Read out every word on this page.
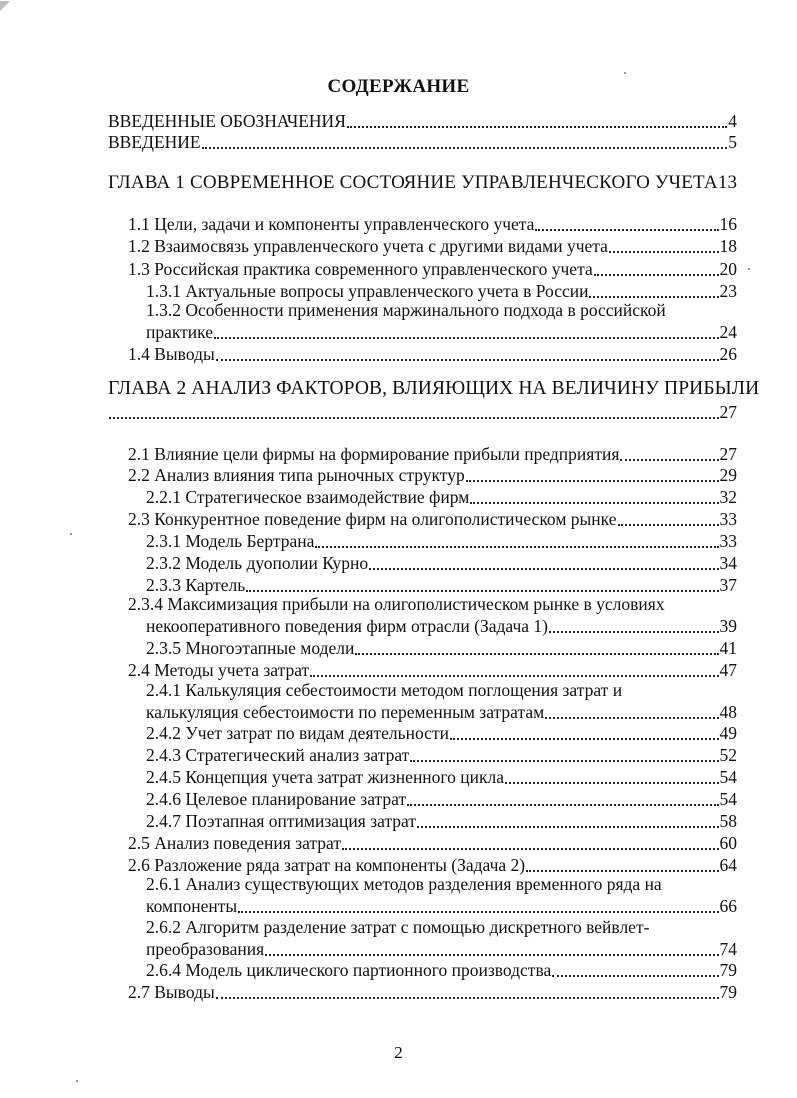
СОДЕРЖАНИЕ
ВВЕДЕННЫЕ ОБОЗНАЧЕНИЯ	4
ВВЕДЕНИЕ	5
ГЛАВА 1 СОВРЕМЕННОЕ СОСТОЯНИЕ УПРАВЛЕНЧЕСКОГО УЧЕТА 13
1.1 Цели, задачи и компоненты управленческого учета	16
1.2 Взаимосвязь управленческого учета с другими видами учета	18
1.3 Российская практика современного управленческого учета	20
1.3.1 Актуальные вопросы управленческого учета в России	23
1.3.2 Особенности применения маржинального подхода в российской
практике	24
1.4 Выводы	26
ГЛАВА 2 АНАЛИЗ ФАКТОРОВ, ВЛИЯЮЩИХ НА ВЕЛИЧИНУ ПРИБЫЛИ
27
2.1 Влияние цели фирмы на формирование прибыли предприятия	27
2.2 Анализ влияния типа рыночных структур	29
2.2.1 Стратегическое взаимодействие фирм	32
2.3 Конкурентное поведение фирм на олигополистическом рынке	33
2.3.1 Модель Бертрана	33
2.3.2 Модель дуополии Курно	34
2.3.3 Картель	37
2.3.4 Максимизация прибыли на олигополистическом рынке в условиях
некооперативного поведения фирм отрасли (Задача 1)	39
2.3.5 Многоэтапные модели	41
2.4 Методы учета затрат	47
2.4.1 Калькуляция себестоимости методом поглощения затрат и
калькуляция себестоимости по переменным затратам	48
2.4.2 Учет затрат по видам деятельности	49
2.4.3 Стратегический анализ затрат	52
2.4.5 Концепция учета затрат жизненного цикла	54
2.4.6 Целевое планирование затрат	54
2.4.7 Поэтапная оптимизация затрат	58
2.5 Анализ поведения затрат	60
2.6 Разложение ряда затрат на компоненты (Задача 2)	64
2.6.1 Анализ существующих методов разделения временного ряда на
компоненты	66
2.6.2 Алгоритм разделение затрат с помощью дискретного вейвлет-
преобразования	74
2.6.4 Модель циклического партионного производства	79
2.7 Выводы	79
2
